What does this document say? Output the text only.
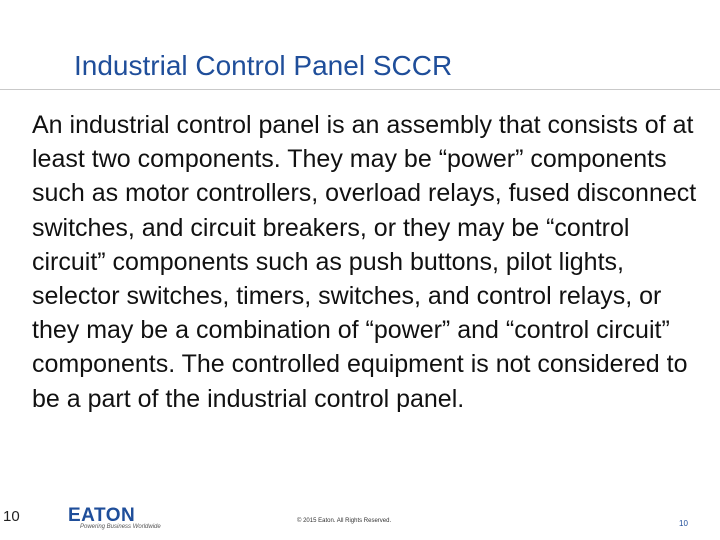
Industrial Control Panel SCCR
An industrial control panel is an assembly that consists of at least two components. They may be “power” components such as motor controllers, overload relays, fused disconnect switches, and circuit breakers, or they may be “control circuit” components such as push buttons, pilot lights, selector switches, timers, switches, and control relays, or they may be a combination of “power” and “control circuit” components. The controlled equipment is not considered to be a part of the industrial control panel.
10	EATON
Powering Business Worldwide
© 2015 Eaton. All Rights Reserved.	10
